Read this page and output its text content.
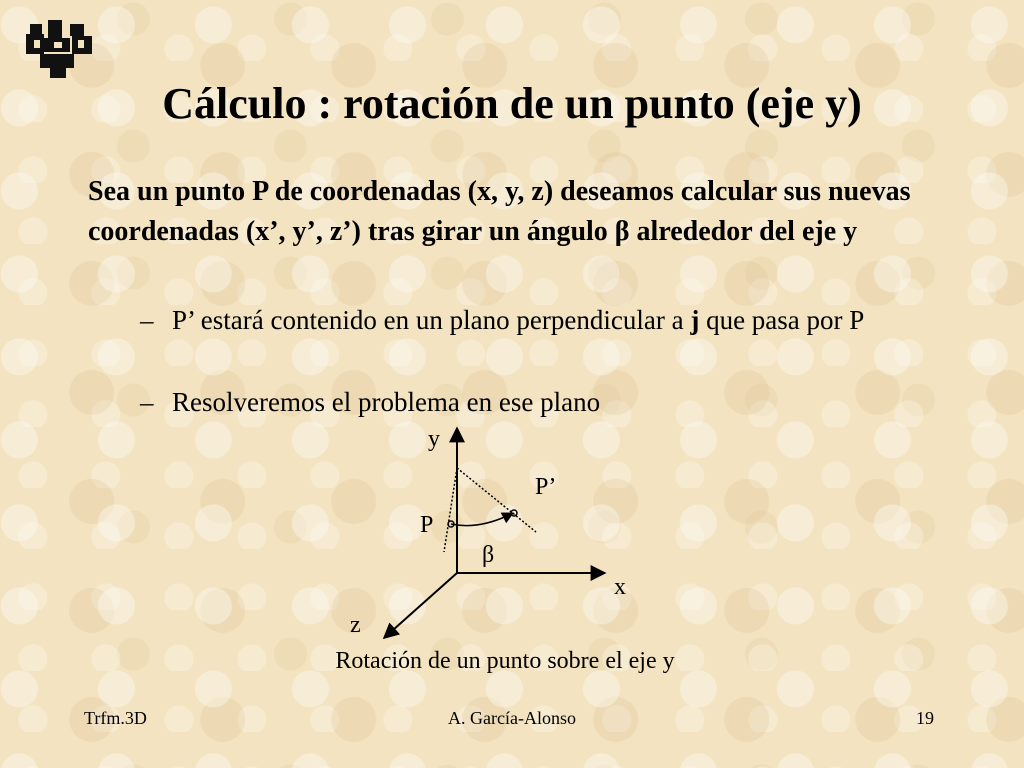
Cálculo : rotación de un punto (eje y)
Sea un punto P de coordenadas (x, y, z) deseamos calcular sus nuevas coordenadas (x’, y’, z’) tras girar un ángulo β alrededor del eje y
– P’ estará contenido en un plano perpendicular a j que pasa por P
– Resolveremos el problema en ese plano
y
x
z
P
P’
β
Rotación de un punto sobre el eje y
Trfm.3D	A. García-Alonso	19
